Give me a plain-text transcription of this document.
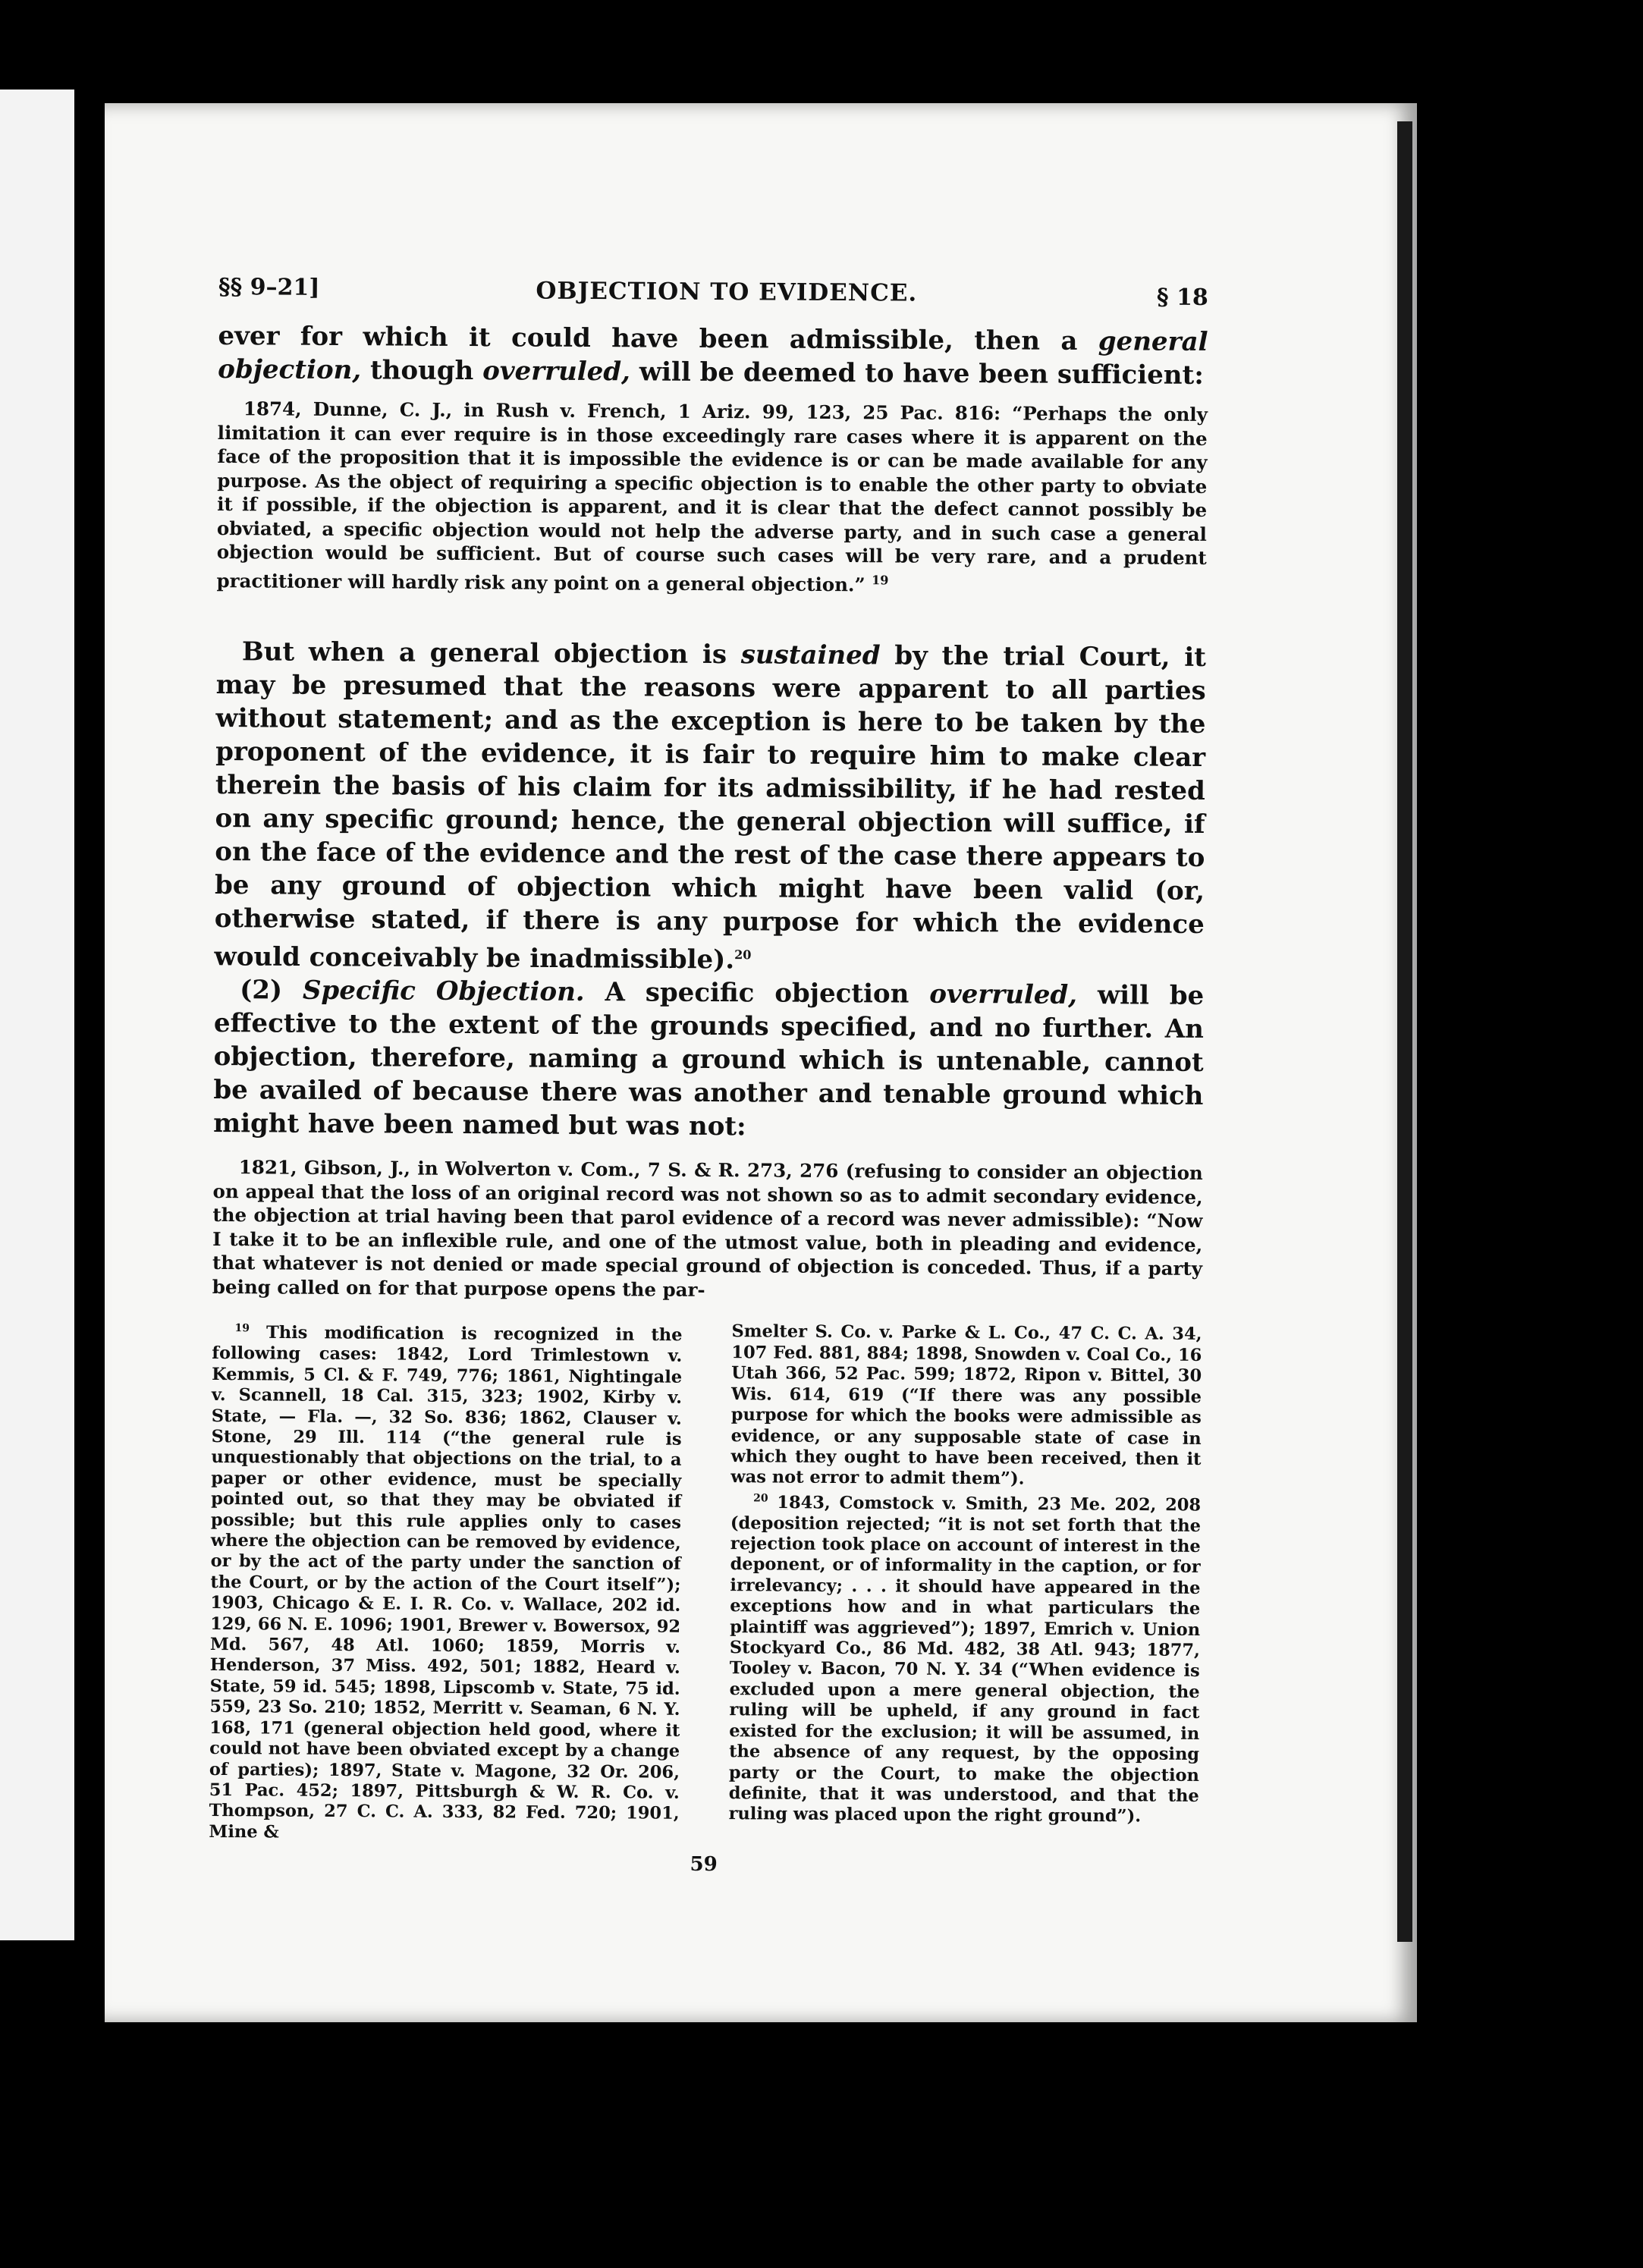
§§ 9–21]	OBJECTION TO EVIDENCE.	§ 18

ever for which it could have been admissible, then a general objection, though overruled, will be deemed to have been sufficient:

1874, Dunne, C. J., in Rush v. French, 1 Ariz. 99, 123, 25 Pac. 816: “Perhaps the only limitation it can ever require is in those exceedingly rare cases where it is apparent on the face of the proposition that it is impossible the evidence is or can be made available for any purpose. As the object of requiring a specific objection is to enable the other party to obviate it if possible, if the objection is apparent, and it is clear that the defect cannot possibly be obviated, a specific objection would not help the adverse party, and in such case a general objection would be sufficient. But of course such cases will be very rare, and a prudent practitioner will hardly risk any point on a general objection.” $^{19}$

But when a general objection is sustained by the trial Court, it may be presumed that the reasons were apparent to all parties without statement; and as the exception is here to be taken by the proponent of the evidence, it is fair to require him to make clear therein the basis of his claim for its admissibility, if he had rested on any specific ground; hence, the general objection will suffice, if on the face of the evidence and the rest of the case there appears to be any ground of objection which might have been valid (or, otherwise stated, if there is any purpose for which the evidence would conceivably be inadmissible).$^{20}$

(2) Specific Objection. A specific objection overruled, will be effective to the extent of the grounds specified, and no further. An objection, therefore, naming a ground which is untenable, cannot be availed of because there was another and tenable ground which might have been named but was not:

1821, Gibson, J., in Wolverton v. Com., 7 S. & R. 273, 276 (refusing to consider an objection on appeal that the loss of an original record was not shown so as to admit secondary evidence, the objection at trial having been that parol evidence of a record was never admissible): “Now I take it to be an inflexible rule, and one of the utmost value, both in pleading and evidence, that whatever is not denied or made special ground of objection is conceded. Thus, if a party being called on for that purpose opens the par-

$^{19}$ This modification is recognized in the following cases: 1842, Lord Trimlestown v. Kemmis, 5 Cl. & F. 749, 776; 1861, Nightingale v. Scannell, 18 Cal. 315, 323; 1902, Kirby v. State, — Fla. —, 32 So. 836; 1862, Clauser v. Stone, 29 Ill. 114 (“the general rule is unquestionably that objections on the trial, to a paper or other evidence, must be specially pointed out, so that they may be obviated if possible; but this rule applies only to cases where the objection can be removed by evidence, or by the act of the party under the sanction of the Court, or by the action of the Court itself”); 1903, Chicago & E. I. R. Co. v. Wallace, 202 id. 129, 66 N. E. 1096; 1901, Brewer v. Bowersox, 92 Md. 567, 48 Atl. 1060; 1859, Morris v. Henderson, 37 Miss. 492, 501; 1882, Heard v. State, 59 id. 545; 1898, Lipscomb v. State, 75 id. 559, 23 So. 210; 1852, Merritt v. Seaman, 6 N. Y. 168, 171 (general objection held good, where it could not have been obviated except by a change of parties); 1897, State v. Magone, 32 Or. 206, 51 Pac. 452; 1897, Pittsburgh & W. R. Co. v. Thompson, 27 C. C. A. 333, 82 Fed. 720; 1901, Mine &

Smelter S. Co. v. Parke & L. Co., 47 C. C. A. 34, 107 Fed. 881, 884; 1898, Snowden v. Coal Co., 16 Utah 366, 52 Pac. 599; 1872, Ripon v. Bittel, 30 Wis. 614, 619 (“If there was any possible purpose for which the books were admissible as evidence, or any supposable state of case in which they ought to have been received, then it was not error to admit them”).

$^{20}$ 1843, Comstock v. Smith, 23 Me. 202, 208 (deposition rejected; “it is not set forth that the rejection took place on account of interest in the deponent, or of informality in the caption, or for irrelevancy; . . . it should have appeared in the exceptions how and in what particulars the plaintiff was aggrieved”); 1897, Emrich v. Union Stockyard Co., 86 Md. 482, 38 Atl. 943; 1877, Tooley v. Bacon, 70 N. Y. 34 (“When evidence is excluded upon a mere general objection, the ruling will be upheld, if any ground in fact existed for the exclusion; it will be assumed, in the absence of any request, by the opposing party or the Court, to make the objection definite, that it was understood, and that the ruling was placed upon the right ground”).

59
